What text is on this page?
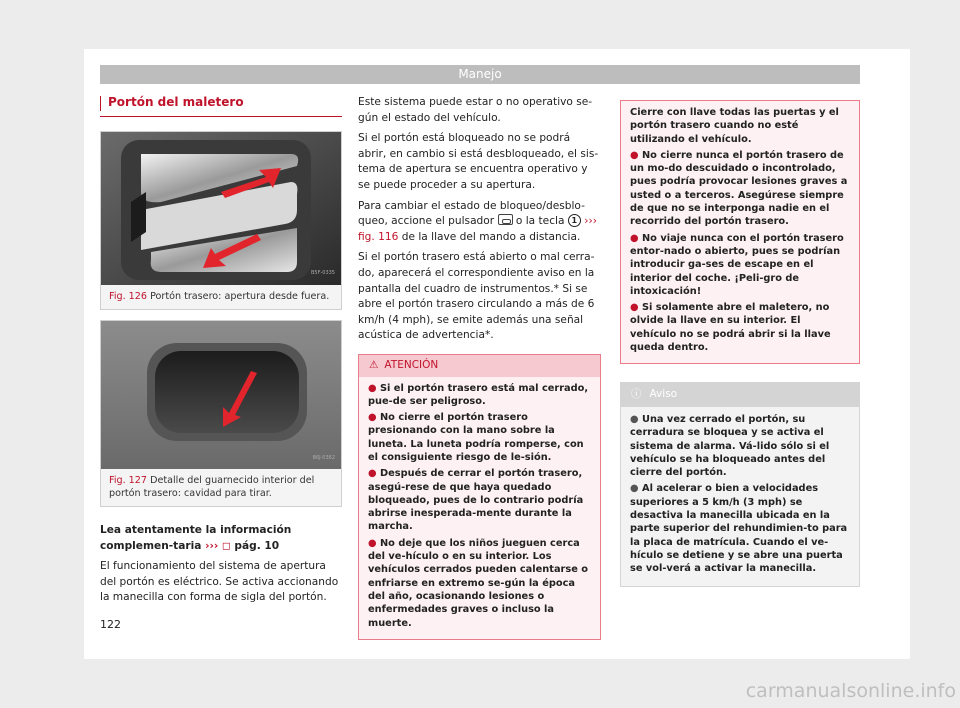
Manejo
Portón del maletero
B5F-0335
Fig. 126 Portón trasero: apertura desde fuera.
B6J-0362
Fig. 127 Detalle del guarnecido interior del portón trasero: cavidad para tirar.

Lea atentamente la información complemen-taria ››› ◻ pág. 10

El funcionamiento del sistema de apertura del portón es eléctrico. Se activa accionando la manecilla con forma de sigla del portón.

Este sistema puede estar o no operativo se-gún el estado del vehículo.

Si el portón está bloqueado no se podrá abrir, en cambio si está desbloqueado, el sis-tema de apertura se encuentra operativo y se puede proceder a su apertura.

Para cambiar el estado de bloqueo/desblo-queo, accione el pulsador o la tecla 1 ››› fig. 116 de la llave del mando a distancia.

Si el portón trasero está abierto o mal cerra-do, aparecerá el correspondiente aviso en la pantalla del cuadro de instrumentos.* Si se abre el portón trasero circulando a más de 6 km/h (4 mph), se emite además una señal acústica de advertencia*.

⚠ ATENCIÓN

● Si el portón trasero está mal cerrado, pue-de ser peligroso.

● No cierre el portón trasero presionando con la mano sobre la luneta. La luneta podría romperse, con el consiguiente riesgo de le-sión.

● Después de cerrar el portón trasero, asegú-rese de que haya quedado bloqueado, pues de lo contrario podría abrirse inesperada-mente durante la marcha.

● No deje que los niños jueguen cerca del ve-hículo o en su interior. Los vehículos cerrados pueden calentarse o enfriarse en extremo se-gún la época del año, ocasionando lesiones o enfermedades graves o incluso la muerte.

Cierre con llave todas las puertas y el portón trasero cuando no esté utilizando el vehículo.

● No cierre nunca el portón trasero de un mo-do descuidado o incontrolado, pues podría provocar lesiones graves a usted o a terceros. Asegúrese siempre de que no se interponga nadie en el recorrido del portón trasero.

● No viaje nunca con el portón trasero entor-nado o abierto, pues se podrían introducir ga-ses de escape en el interior del coche. ¡Peli-gro de intoxicación!

● Si solamente abre el maletero, no olvide la llave en su interior. El vehículo no se podrá abrir si la llave queda dentro.

ⓘ Aviso

● Una vez cerrado el portón, su cerradura se bloquea y se activa el sistema de alarma. Vá-lido sólo si el vehículo se ha bloqueado antes del cierre del portón.

● Al acelerar o bien a velocidades superiores a 5 km/h (3 mph) se desactiva la manecilla ubicada en la parte superior del rehundimien-to para la placa de matrícula. Cuando el ve-hículo se detiene y se abre una puerta se vol-verá a activar la manecilla.

122
carmanualsonline.info
